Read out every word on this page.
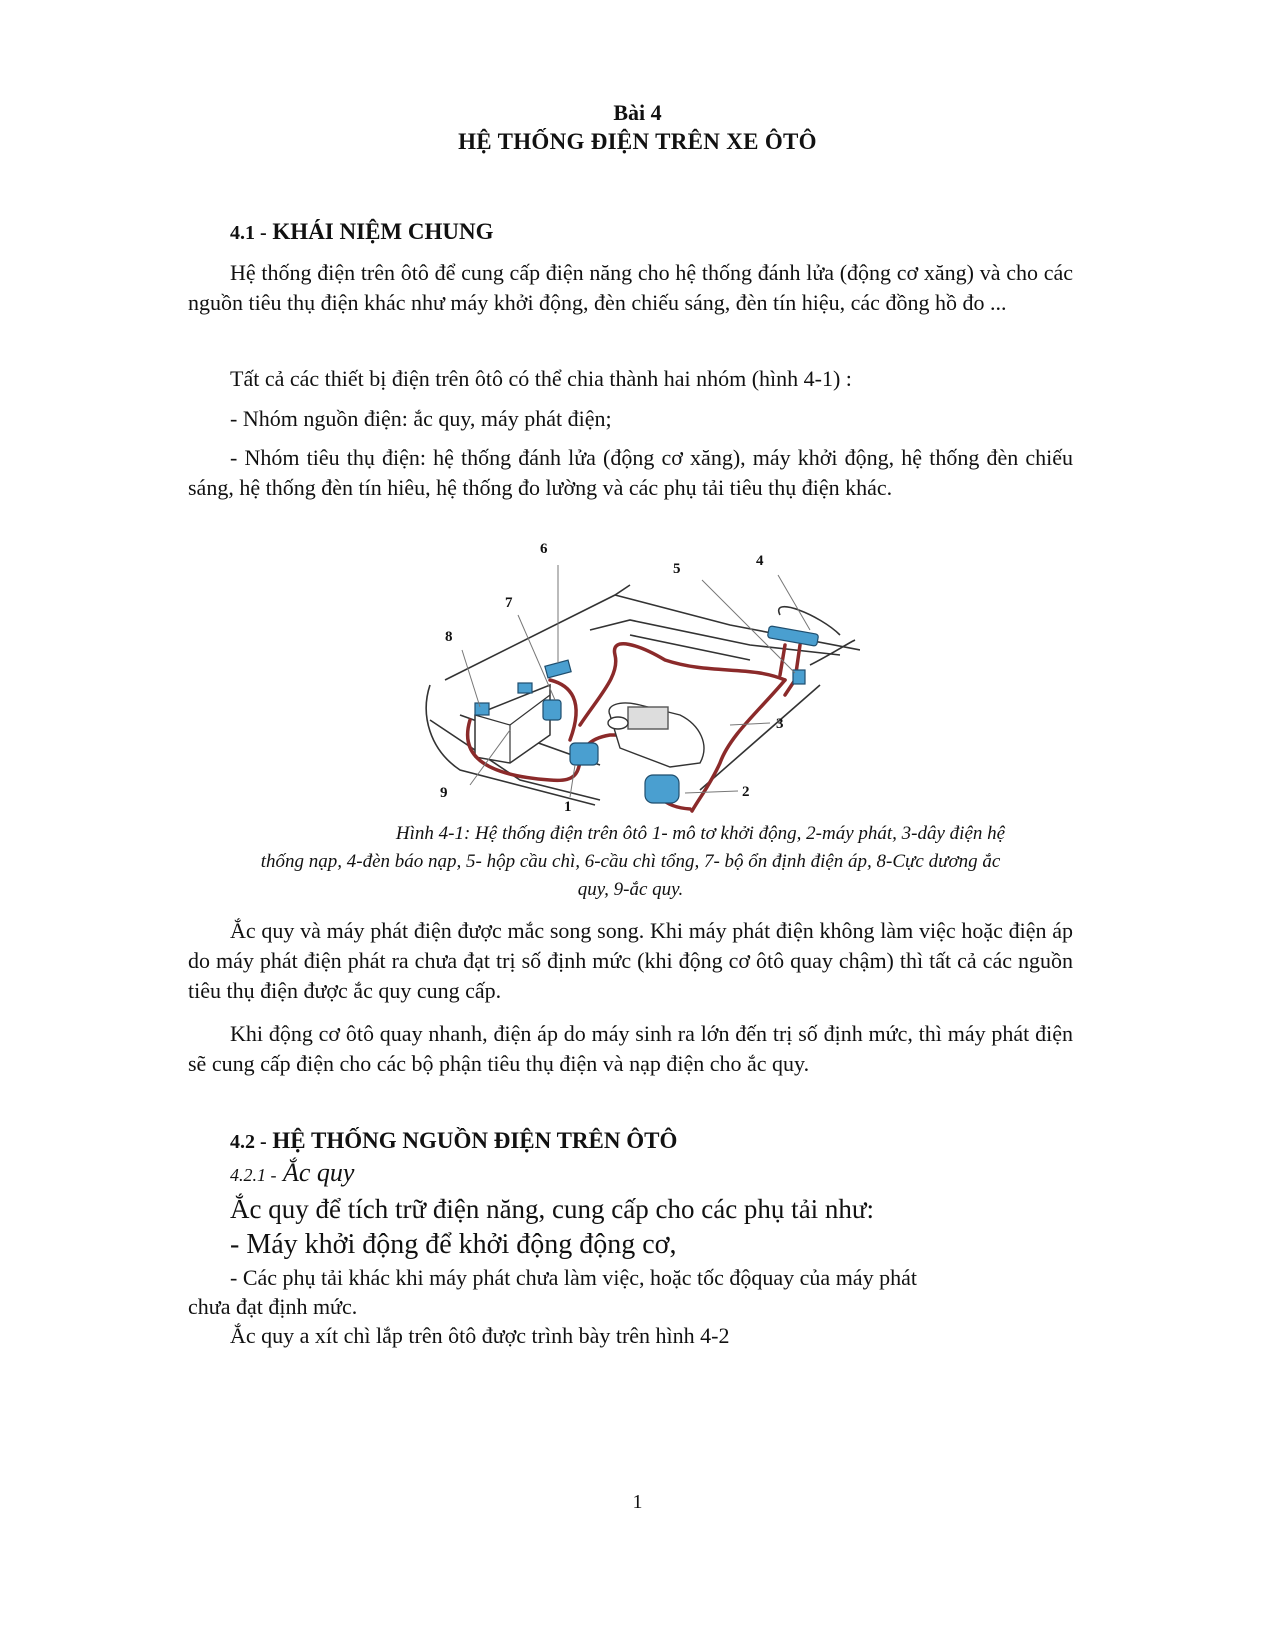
Bài 4
HỆ THỐNG ĐIỆN TRÊN XE ÔTÔ
4.1 - KHÁI NIỆM CHUNG
Hệ thống điện trên ôtô để cung cấp điện năng cho hệ thống đánh lửa (động cơ xăng) và cho các nguồn tiêu thụ điện khác như máy khởi động, đèn chiếu sáng, đèn tín hiệu, các đồng hồ đo ...
Tất cả các thiết bị điện trên ôtô có thể chia thành hai nhóm (hình 4-1) :
- Nhóm nguồn điện: ắc quy, máy phát điện;
- Nhóm tiêu thụ điện: hệ thống đánh lửa (động cơ xăng), máy khởi động, hệ thống đèn chiếu sáng, hệ thống đèn tín hiêu, hệ thống đo lường và các phụ tải tiêu thụ điện khác.
1
2
3
4
5
6
7
8
9
Hình 4-1: Hệ thống điện trên ôtô 1- mô tơ khởi động, 2-máy phát, 3-dây điện hệ
thống nạp, 4-đèn báo nạp, 5- hộp cầu chì, 6-cầu chì tổng, 7- bộ ổn định điện áp, 8-Cực dương ắc
quy, 9-ắc quy.
Ắc quy và máy phát điện được mắc song song. Khi máy phát điện không làm việc hoặc điện áp do máy phát điện phát ra chưa đạt trị số định mức (khi động cơ ôtô quay chậm) thì tất cả các nguồn tiêu thụ điện được ắc quy cung cấp.
Khi động cơ ôtô quay nhanh, điện áp do máy sinh ra lớn đến trị số định mức, thì máy phát điện sẽ cung cấp điện cho các bộ phận tiêu thụ điện và nạp điện cho ắc quy.
4.2 - HỆ THỐNG NGUỒN ĐIỆN TRÊN ÔTÔ
4.2.1 - Ắc quy
Ắc quy để tích trữ điện năng, cung cấp cho các phụ tải như:
- Máy khởi động để khởi động động cơ,
- Các phụ tải khác khi máy phát chưa làm việc, hoặc tốc độquay của máy phát
chưa đạt định mức.
Ắc quy a xít chì lắp trên ôtô được trình bày trên hình 4-2
1
